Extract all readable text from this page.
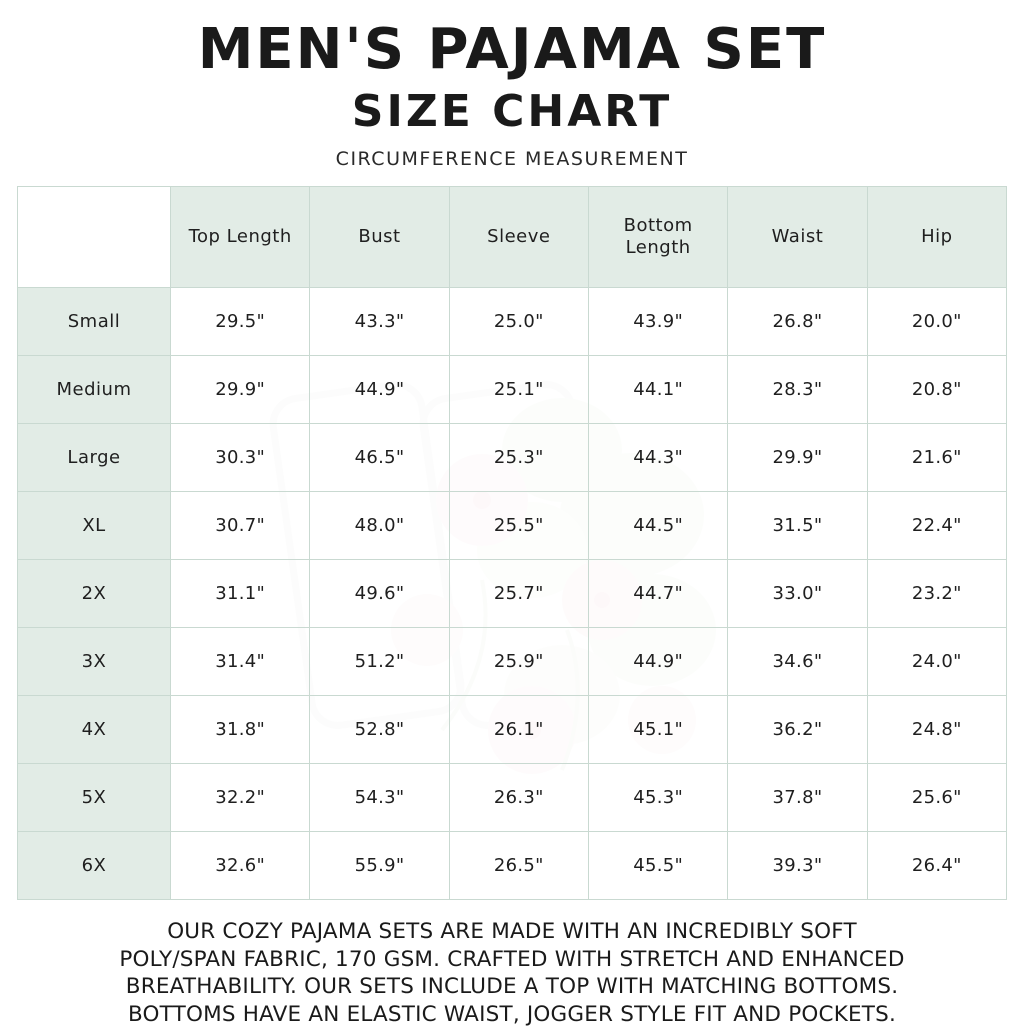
MEN'S PAJAMA SET
SIZE CHART
CIRCUMFERENCE MEASUREMENT
	Top Length	Bust	Sleeve	Bottom Length	Waist	Hip
Small	29.5"	43.3"	25.0"	43.9"	26.8"	20.0"
Medium	29.9"	44.9"	25.1"	44.1"	28.3"	20.8"
Large	30.3"	46.5"	25.3"	44.3"	29.9"	21.6"
XL	30.7"	48.0"	25.5"	44.5"	31.5"	22.4"
2X	31.1"	49.6"	25.7"	44.7"	33.0"	23.2"
3X	31.4"	51.2"	25.9"	44.9"	34.6"	24.0"
4X	31.8"	52.8"	26.1"	45.1"	36.2"	24.8"
5X	32.2"	54.3"	26.3"	45.3"	37.8"	25.6"
6X	32.6"	55.9"	26.5"	45.5"	39.3"	26.4"
OUR COZY PAJAMA SETS ARE MADE WITH AN INCREDIBLY SOFT
POLY/SPAN FABRIC, 170 GSM. CRAFTED WITH STRETCH AND ENHANCED
BREATHABILITY. OUR SETS INCLUDE A TOP WITH MATCHING BOTTOMS.
BOTTOMS HAVE AN ELASTIC WAIST, JOGGER STYLE FIT AND POCKETS.
